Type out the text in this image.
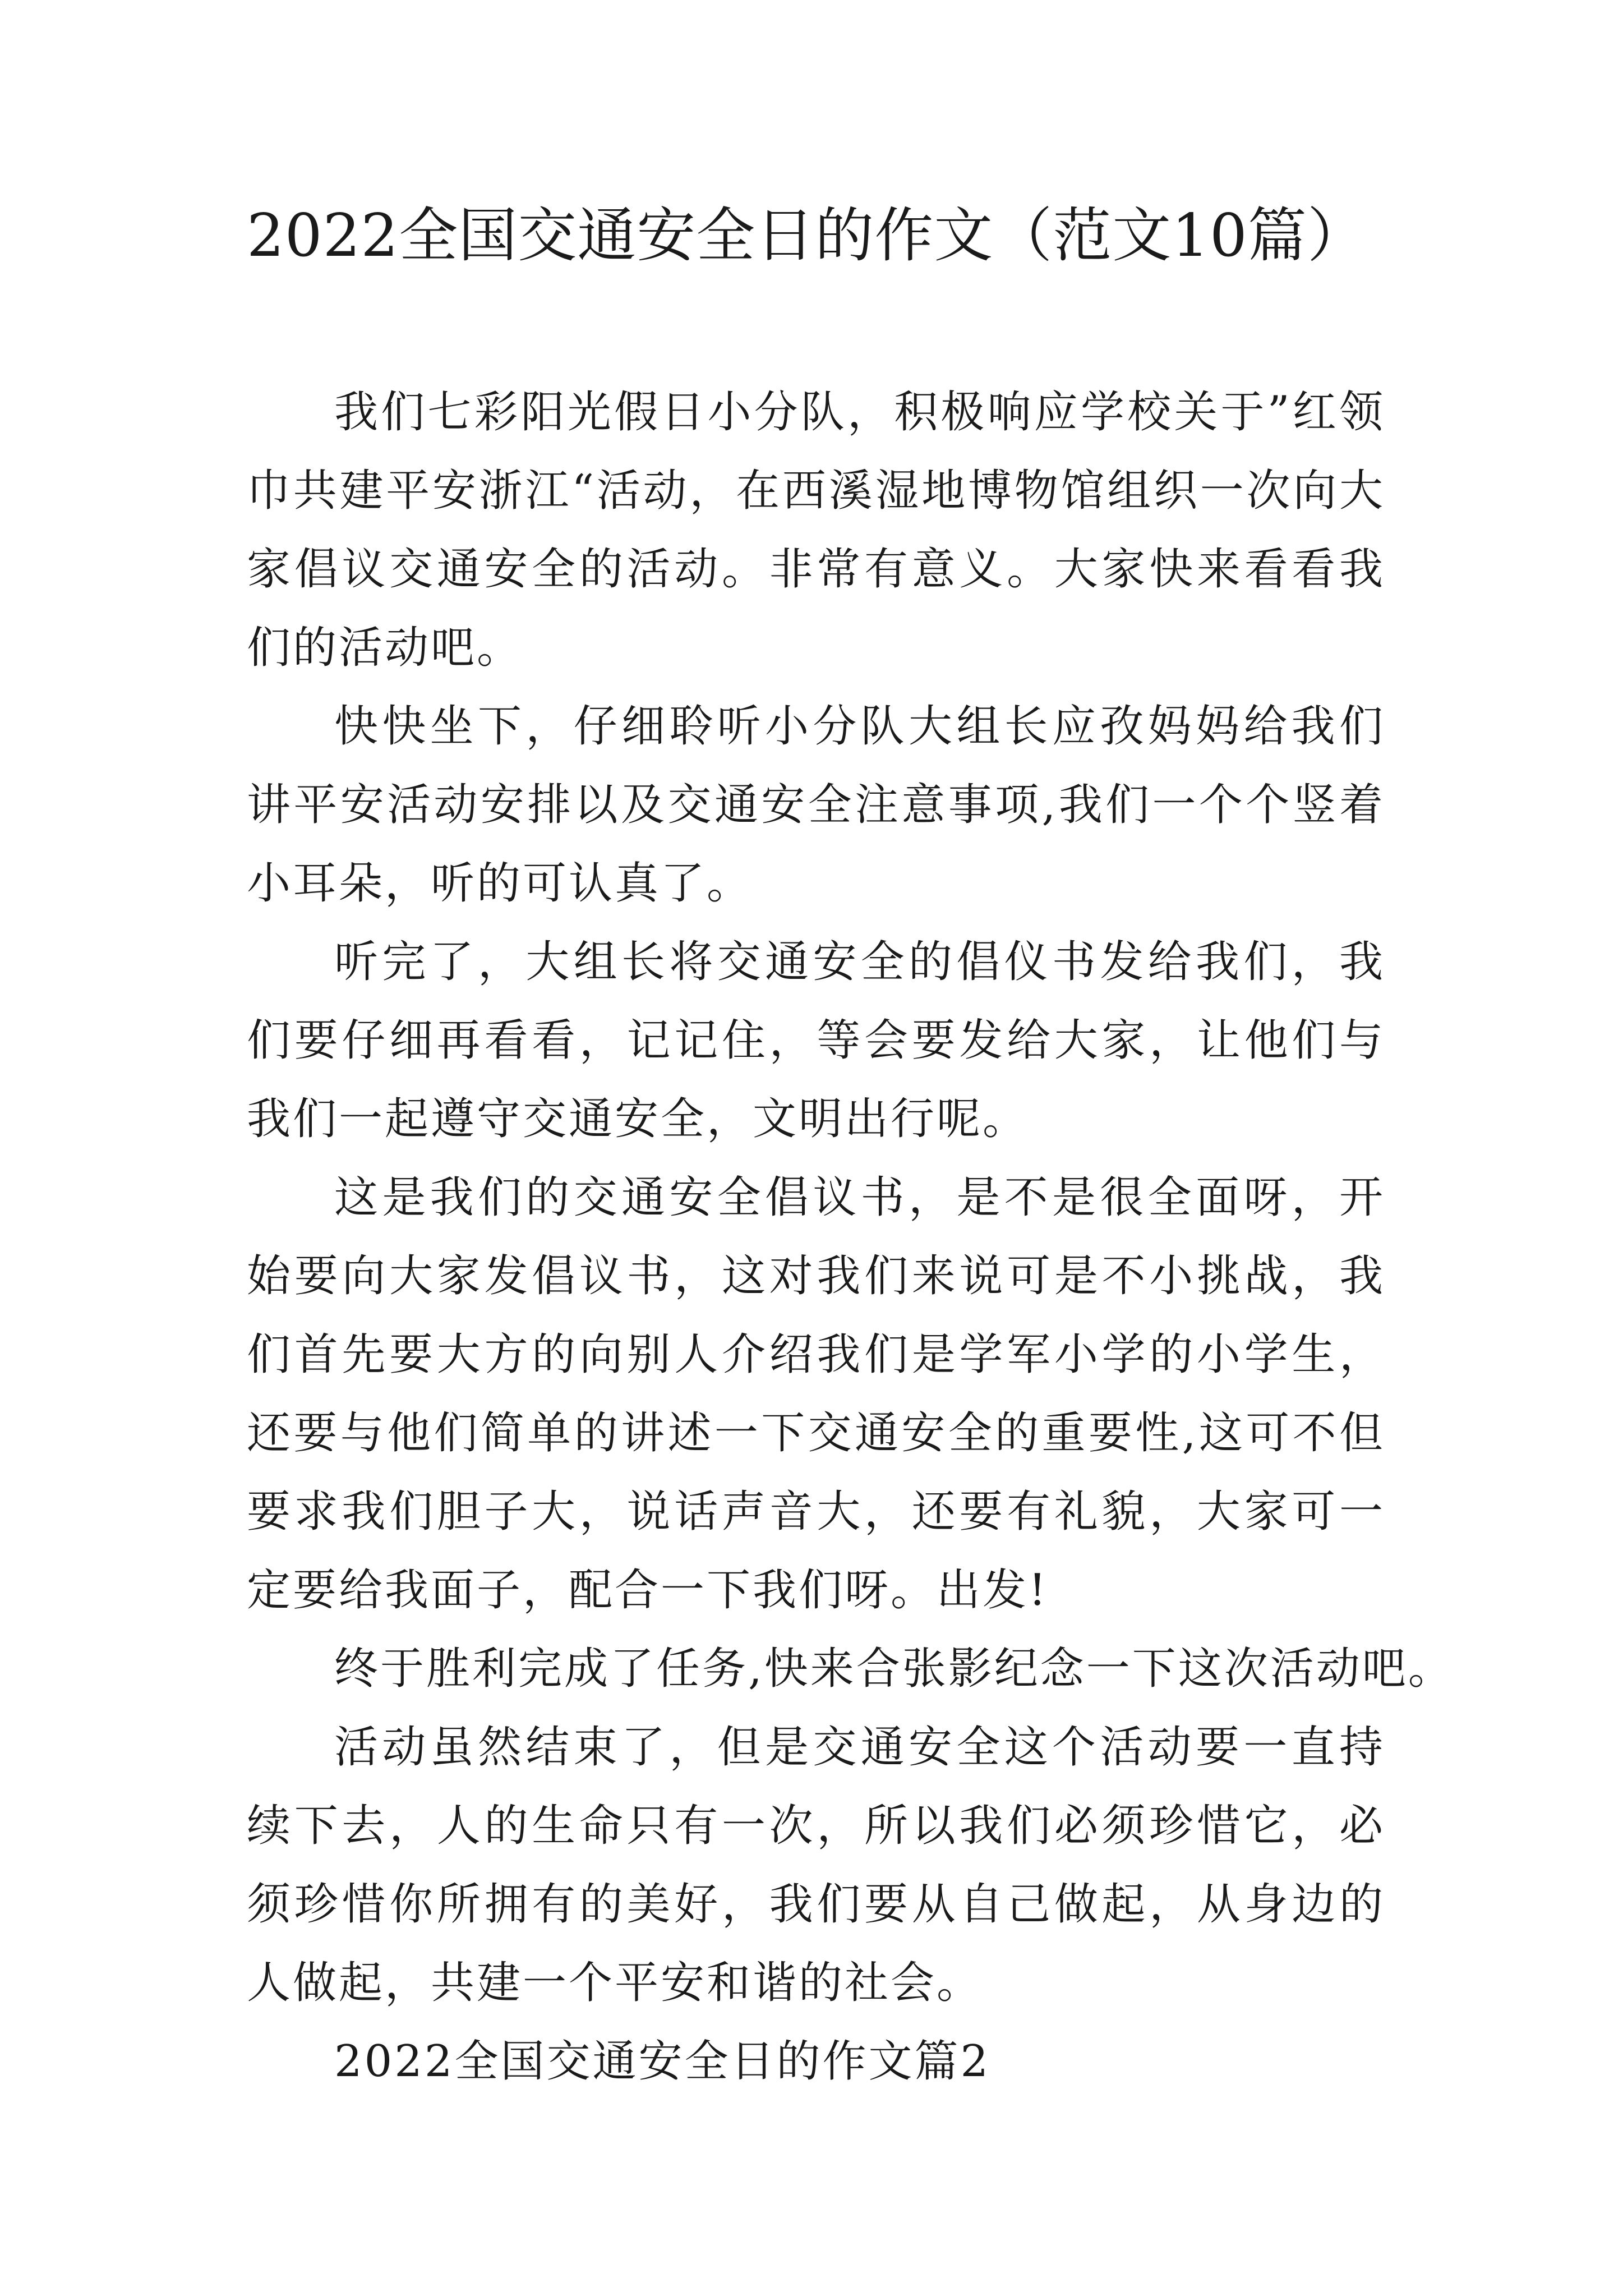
2022全国交通安全日的作文（范文10篇）

我们七彩阳光假日小分队，积极响应学校关于”红领巾共建平安浙江“活动，在西溪湿地博物馆组织一次向大家倡议交通安全的活动。非常有意义。大家快来看看我们的活动吧。

快快坐下，仔细聆听小分队大组长应孜妈妈给我们讲平安活动安排以及交通安全注意事项,我们一个个竖着小耳朵，听的可认真了。

听完了，大组长将交通安全的倡仪书发给我们，我们要仔细再看看，记记住，等会要发给大家，让他们与我们一起遵守交通安全，文明出行呢。

这是我们的交通安全倡议书，是不是很全面呀，开始要向大家发倡议书，这对我们来说可是不小挑战，我们首先要大方的向别人介绍我们是学军小学的小学生，还要与他们简单的讲述一下交通安全的重要性,这可不但要求我们胆子大，说话声音大，还要有礼貌，大家可一定要给我面子，配合一下我们呀。出发!

终于胜利完成了任务,快来合张影纪念一下这次活动吧。

活动虽然结束了，但是交通安全这个活动要一直持续下去，人的生命只有一次，所以我们必须珍惜它，必须珍惜你所拥有的美好，我们要从自己做起，从身边的人做起，共建一个平安和谐的社会。

2022全国交通安全日的作文篇2
